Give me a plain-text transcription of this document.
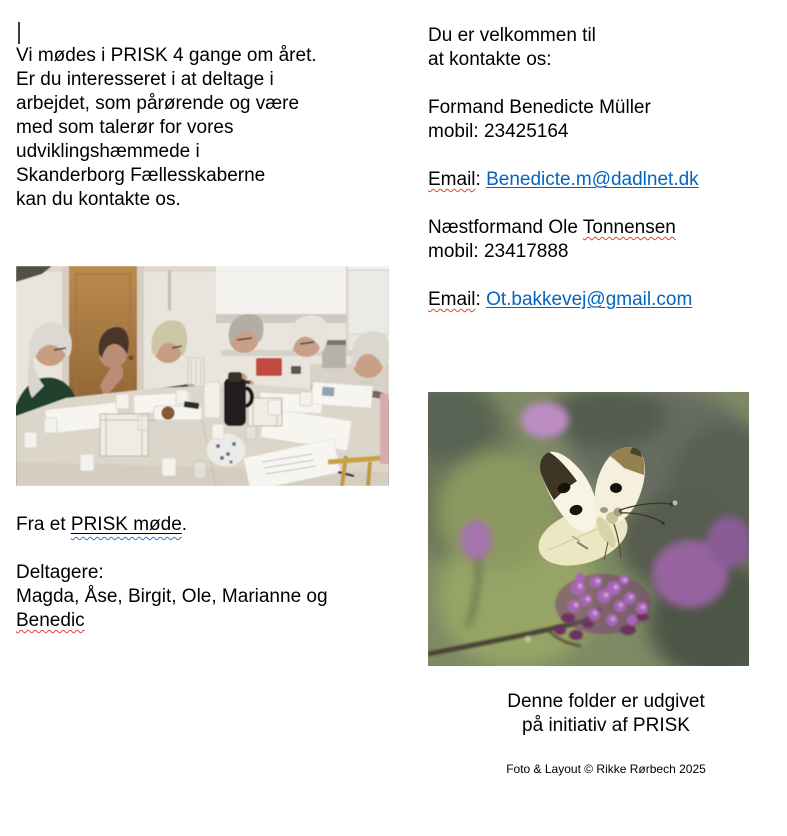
Vi mødes i PRISK 4 gange om året.
Er du interesseret i at deltage i
arbejdet, som pårørende og være
med som talerør for vores
udviklingshæmmede i
Skanderborg Fællesskaberne
kan du kontakte os.
Fra et PRISK møde.
Deltagere:
Magda, Åse, Birgit, Ole, Marianne og
Benedic
Du er velkommen til
at kontakte os:
Formand Benedicte Müller
mobil: 23425164
Email: Benedicte.m@dadlnet.dk
Næstformand Ole Tonnensen
mobil: 23417888
Email: Ot.bakkevej@gmail.com
Denne folder er udgivet
på initiativ af PRISK
Foto & Layout © Rikke Rørbech 2025
